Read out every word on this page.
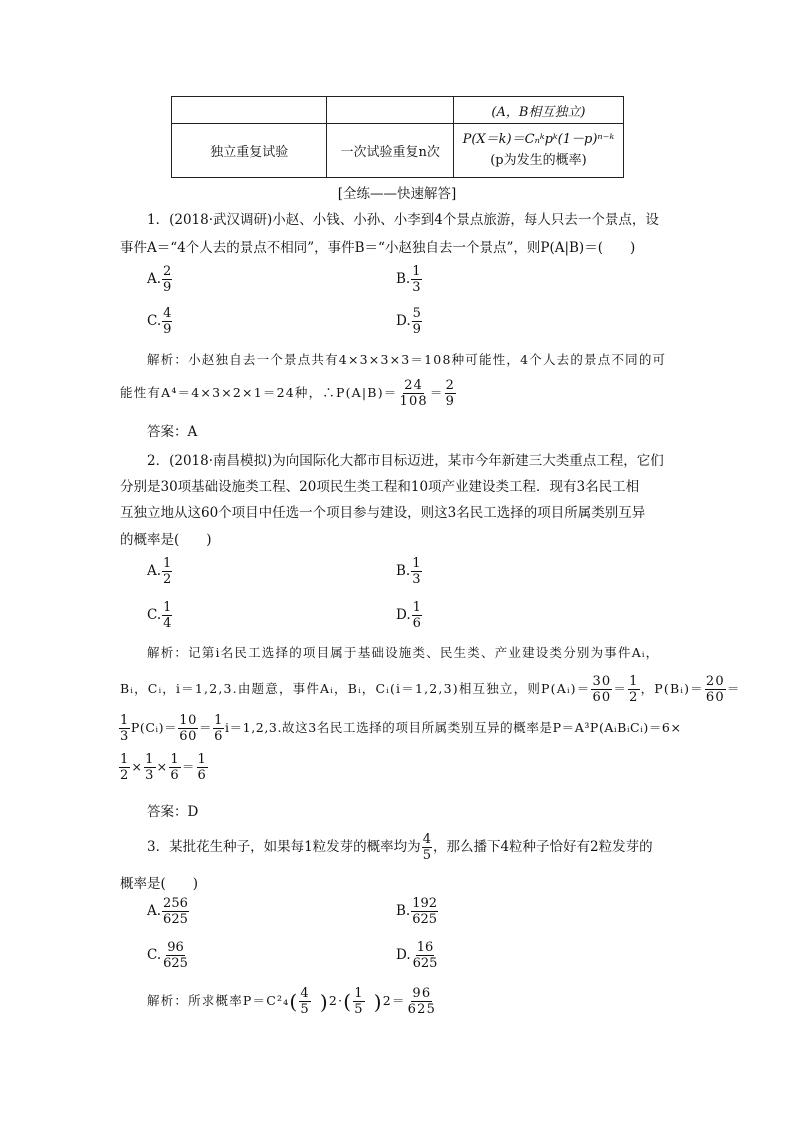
		(A，B相互独立)
独立重复试验	一次试验重复n次	P(X＝k)＝Cₙᵏpᵏ(1－p)ⁿ⁻ᵏ
(p为发生的概率)
[全练——快速解答]
1．(2018·武汉调研)小赵、小钱、小孙、小李到4个景点旅游，每人只去一个景点，设
事件A＝“4个人去的景点不相同”，事件B＝“小赵独自去一个景点”，则P(A|B)＝(　　)
A. $\frac{2}{9}$	B. $\frac{1}{3}$
C. $\frac{4}{9}$	D. $\frac{5}{9}$
解析：小赵独自去一个景点共有4×3×3×3＝108种可能性，4个人去的景点不同的可
能性有A⁴＝4×3×2×1＝24种，∴P(A|B)＝ $\frac{24}{108} = \frac{2}{9}$
答案：A
2．(2018·南昌模拟)为向国际化大都市目标迈进，某市今年新建三大类重点工程，它们
分别是30项基础设施类工程、20项民生类工程和10项产业建设类工程．现有3名民工相
互独立地从这60个项目中任选一个项目参与建设，则这3名民工选择的项目所属类别互异
的概率是(　　)
A. $\frac{1}{2}$	B. $\frac{1}{3}$
C. $\frac{1}{4}$	D. $\frac{1}{6}$
解析：记第i名民工选择的项目属于基础设施类、民生类、产业建设类分别为事件Aᵢ，
Bᵢ，Cᵢ，i＝1,2,3.由题意，事件Aᵢ，Bᵢ，Cᵢ(i＝1,2,3)相互独立，则P(Aᵢ)＝ $\frac{30}{60} = \frac{1}{2}$ ，P(Bᵢ)＝ $\frac{20}{60}$ ＝
$\frac{1}{3}$ P(Cᵢ)＝ $\frac{10}{60} = \frac{1}{6} i=1,2,3$.故这3名民工选择的项目所属类别互异的概率是P＝A³P(AᵢBᵢCᵢ)＝6×
$\frac{1}{2} \times \frac{1}{3} \times \frac{1}{6} = \frac{1}{6}$
答案：D
3．某批花生种子，如果每1粒发芽的概率均为 $\frac{4}{5}$ ，那么播下4粒种子恰好有2粒发芽的
概率是(　　)
A. $\frac{256}{625}$	B. $\frac{192}{625}$
C. $\frac{96}{625}$	D. $\frac{16}{625}$
解析：所求概率$P=C^2_4( \frac{4}{5} )2\cdot( \frac{1}{5} )2= \frac{96}{625}$
